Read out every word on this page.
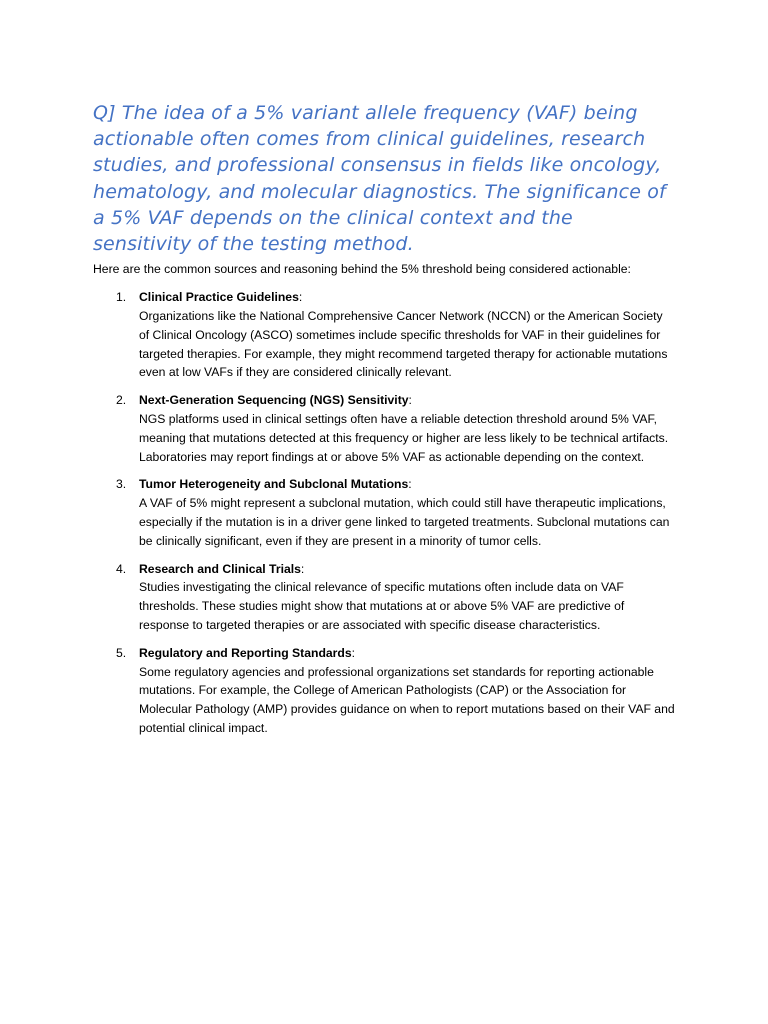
Q] The idea of a 5% variant allele frequency (VAF) being actionable often comes from clinical guidelines, research studies, and professional consensus in fields like oncology, hematology, and molecular diagnostics. The significance of a 5% VAF depends on the clinical context and the sensitivity of the testing method.

Here are the common sources and reasoning behind the 5% threshold being considered actionable:

1. Clinical Practice Guidelines:
Organizations like the National Comprehensive Cancer Network (NCCN) or the American Society of Clinical Oncology (ASCO) sometimes include specific thresholds for VAF in their guidelines for targeted therapies. For example, they might recommend targeted therapy for actionable mutations even at low VAFs if they are considered clinically relevant.
2. Next-Generation Sequencing (NGS) Sensitivity:
NGS platforms used in clinical settings often have a reliable detection threshold around 5% VAF, meaning that mutations detected at this frequency or higher are less likely to be technical artifacts. Laboratories may report findings at or above 5% VAF as actionable depending on the context.
3. Tumor Heterogeneity and Subclonal Mutations:
A VAF of 5% might represent a subclonal mutation, which could still have therapeutic implications, especially if the mutation is in a driver gene linked to targeted treatments. Subclonal mutations can be clinically significant, even if they are present in a minority of tumor cells.
4. Research and Clinical Trials:
Studies investigating the clinical relevance of specific mutations often include data on VAF thresholds. These studies might show that mutations at or above 5% VAF are predictive of response to targeted therapies or are associated with specific disease characteristics.
5. Regulatory and Reporting Standards:
Some regulatory agencies and professional organizations set standards for reporting actionable mutations. For example, the College of American Pathologists (CAP) or the Association for Molecular Pathology (AMP) provides guidance on when to report mutations based on their VAF and potential clinical impact.
